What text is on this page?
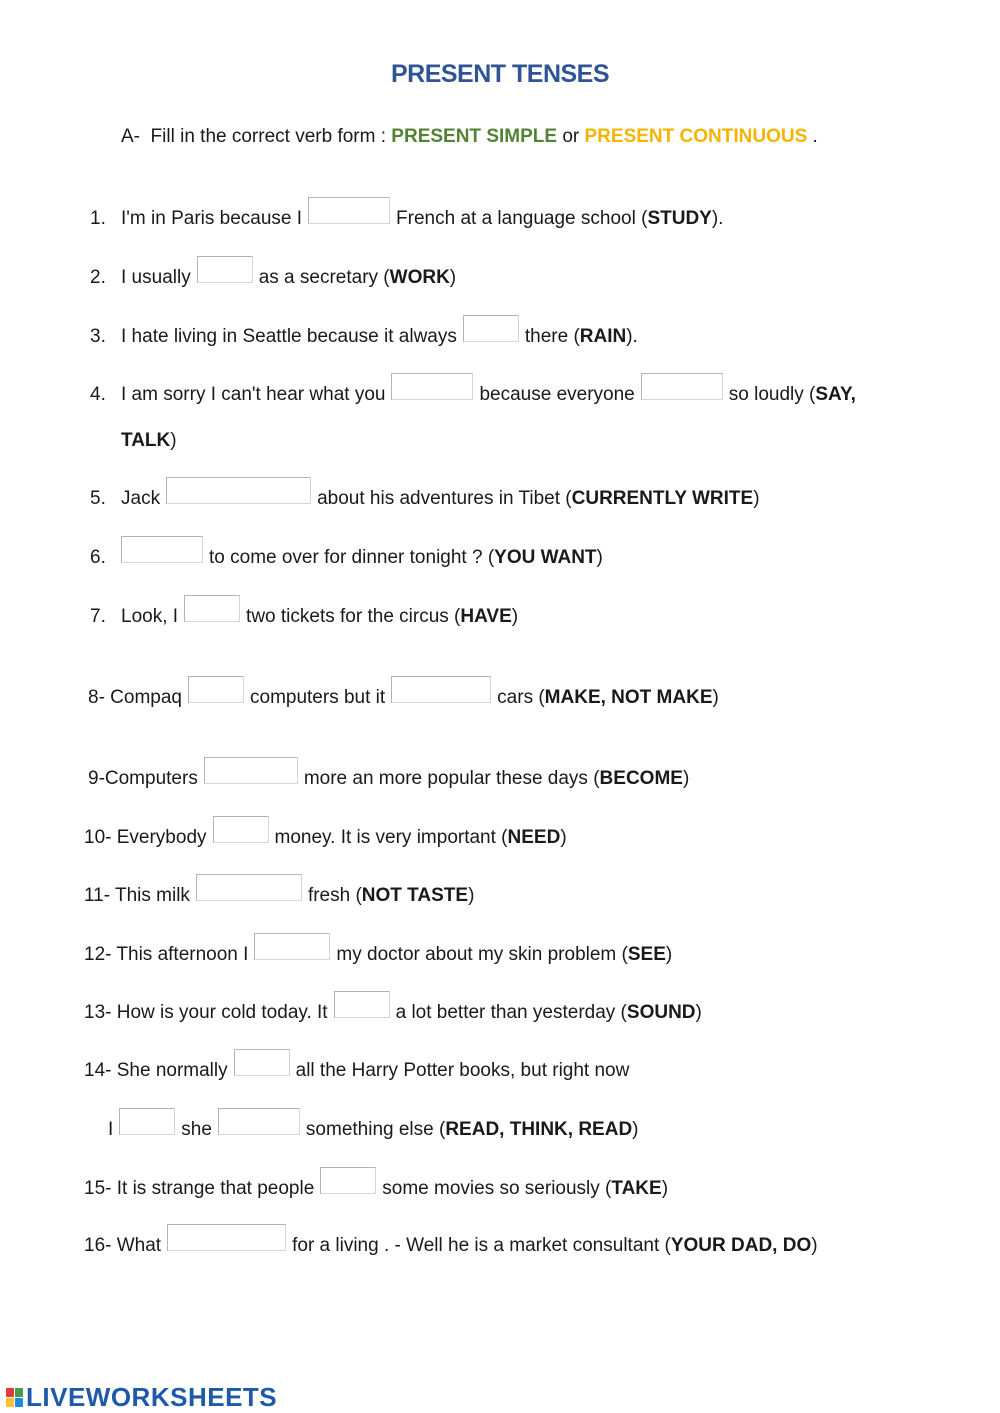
PRESENT TENSES
A-  Fill in the correct verb form : PRESENT SIMPLE or PRESENT CONTINUOUS .
1. I'm in Paris because I	French at a language school ( STUDY ).
2. I usually	as a secretary ( WORK )
3. I hate living in Seattle because it always	there ( RAIN ).
4. I am sorry I can't hear what you	because everyone	so loudly ( SAY,
TALK )
5. Jack	about his adventures in Tibet ( CURRENTLY WRITE )
6.	to come over for dinner tonight ? ( YOU WANT )
7. Look, I	two tickets for the circus ( HAVE )
8- Compaq	computers but it	cars ( MAKE, NOT MAKE )
9-Computers	more an more popular these days ( BECOME )
10- Everybody	money. It is very important ( NEED )
11- This milk	fresh ( NOT TASTE )
12- This afternoon I	my doctor about my skin problem ( SEE )
13- How is your cold today. It	a lot better than yesterday ( SOUND )
14- She normally	all the Harry Potter books, but right now
I	she	something else ( READ, THINK, READ )
15- It is strange that people	some movies so seriously ( TAKE )
16- What	for a living . - Well he is a market consultant ( YOUR DAD, DO )
LIVEWORKSHEETS
